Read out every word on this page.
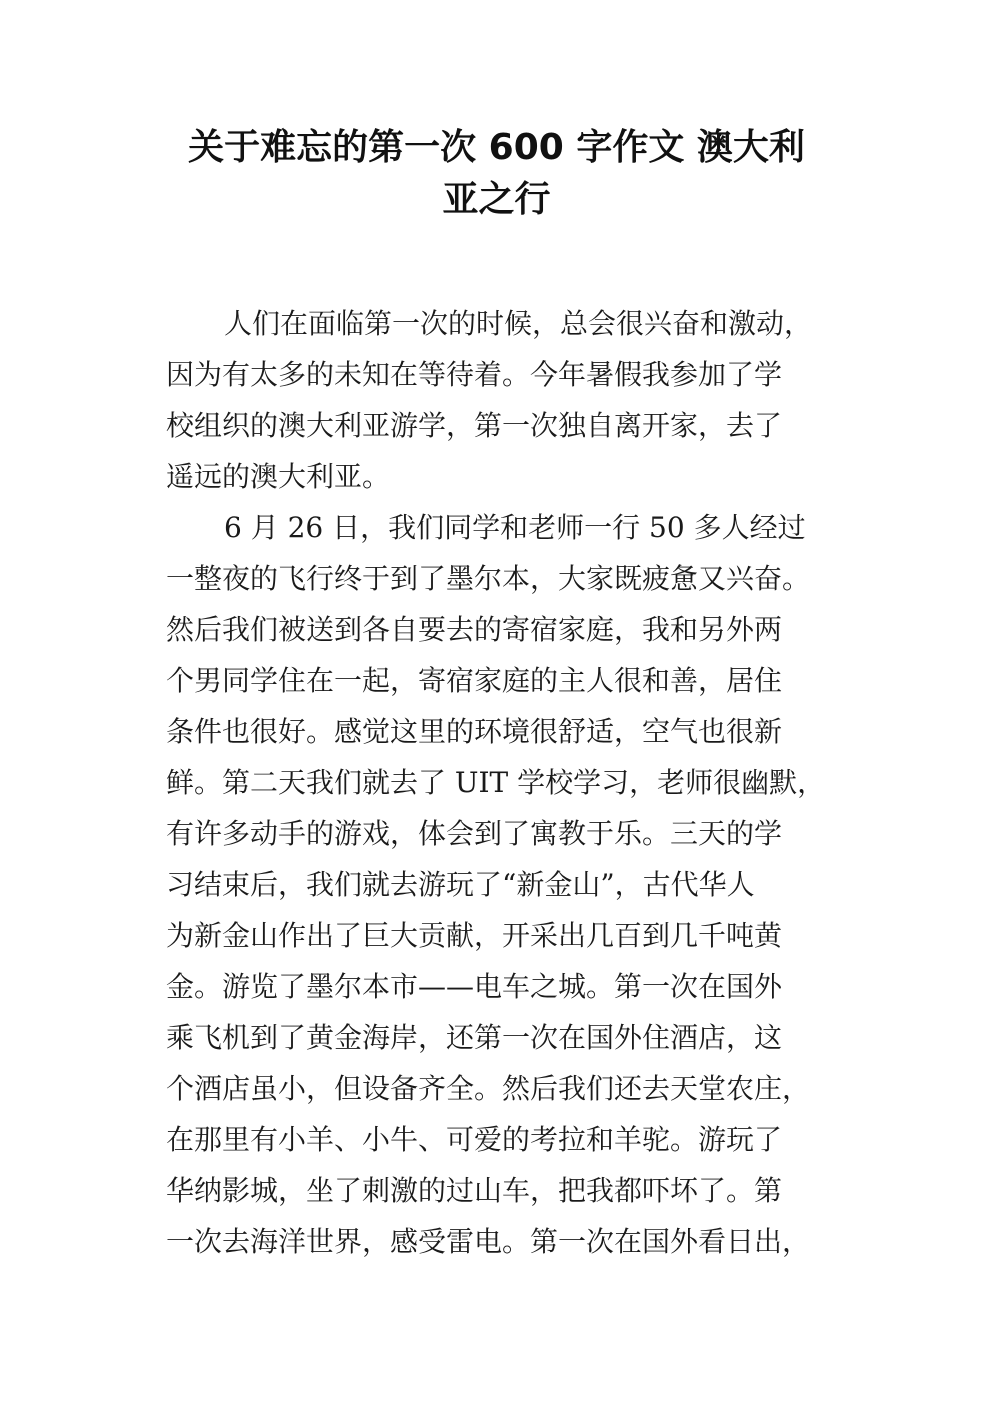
关于难忘的第一次 600 字作文 澳大利
亚之行
人们在面临第一次的时候，总会很兴奋和激动，
因为有太多的未知在等待着。今年暑假我参加了学
校组织的澳大利亚游学，第一次独自离开家，去了
遥远的澳大利亚。
6 月 26 日，我们同学和老师一行 50 多人经过
一整夜的飞行终于到了墨尔本，大家既疲惫又兴奋。
然后我们被送到各自要去的寄宿家庭，我和另外两
个男同学住在一起，寄宿家庭的主人很和善，居住
条件也很好。感觉这里的环境很舒适，空气也很新
鲜。第二天我们就去了 UIT 学校学习，老师很幽默，
有许多动手的游戏，体会到了寓教于乐。三天的学
习结束后，我们就去游玩了“新金山”，古代华人
为新金山作出了巨大贡献，开采出几百到几千吨黄
金。游览了墨尔本市——电车之城。第一次在国外
乘飞机到了黄金海岸，还第一次在国外住酒店，这
个酒店虽小，但设备齐全。然后我们还去天堂农庄，
在那里有小羊、小牛、可爱的考拉和羊驼。游玩了
华纳影城，坐了刺激的过山车，把我都吓坏了。第
一次去海洋世界，感受雷电。第一次在国外看日出，
